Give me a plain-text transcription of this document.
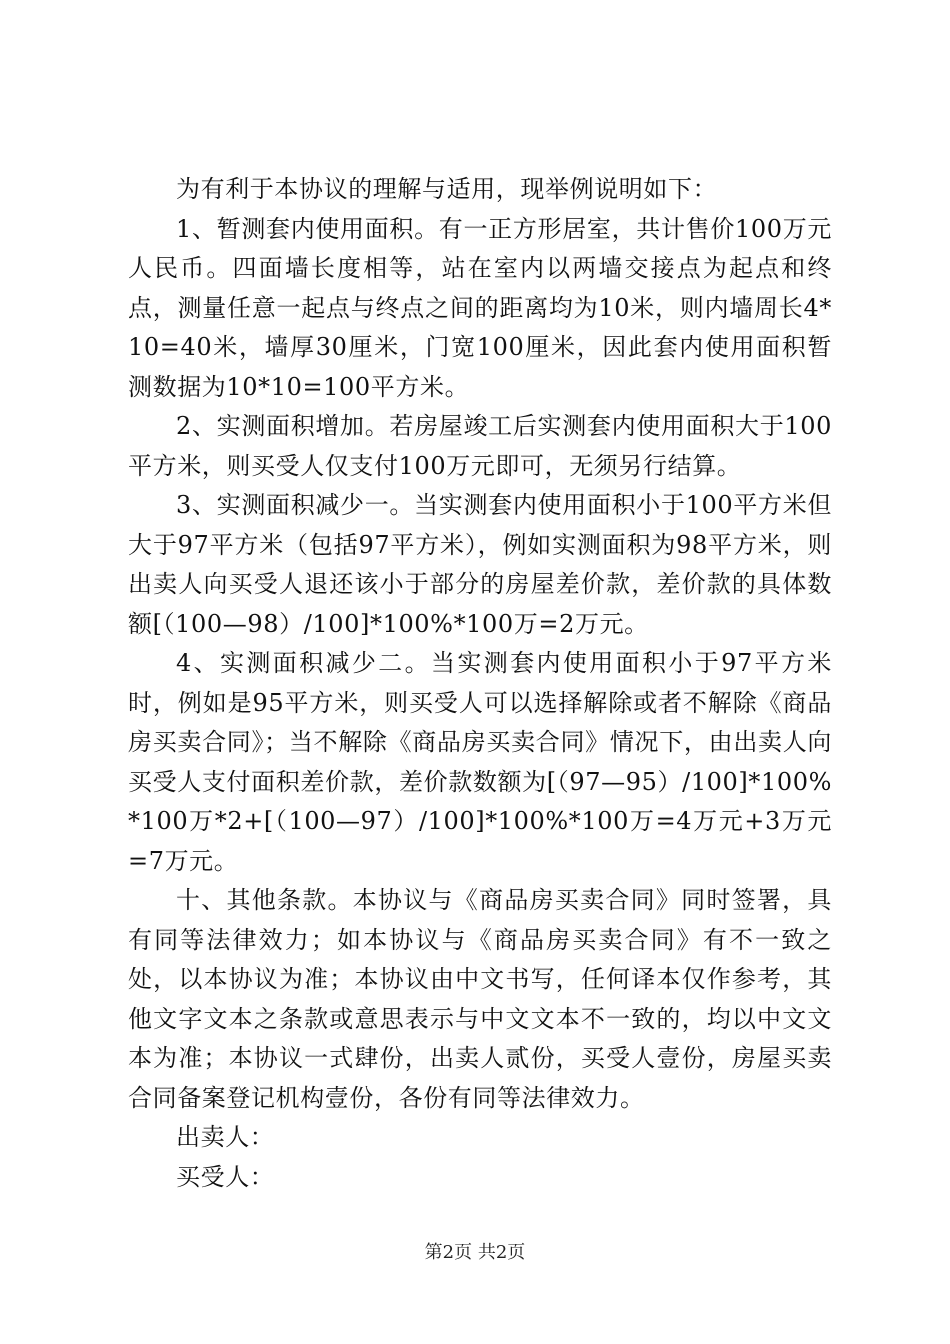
为有利于本协议的理解与适用，现举例说明如下：

1、暂测套内使用面积。有一正方形居室，共计售价100万元人民币。四面墙长度相等，站在室内以两墙交接点为起点和终点，测量任意一起点与终点之间的距离均为10米，则内墙周长4*10=40米，墙厚30厘米，门宽100厘米，因此套内使用面积暂测数据为10*10=100平方米。

2、实测面积增加。若房屋竣工后实测套内使用面积大于100平方米，则买受人仅支付100万元即可，无须另行结算。

3、实测面积减少一。当实测套内使用面积小于100平方米但大于97平方米（包括97平方米），例如实测面积为98平方米，则出卖人向买受人退还该小于部分的房屋差价款，差价款的具体数额[（100—98）/100]*100%*100万=2万元。

4、实测面积减少二。当实测套内使用面积小于97平方米时，例如是95平方米，则买受人可以选择解除或者不解除《商品房买卖合同》；当不解除《商品房买卖合同》情况下，由出卖人向买受人支付面积差价款，差价款数额为[（97—95）/100]*100%*100万*2+[（100—97）/100]*100%*100万=4万元+3万元=7万元。

十、其他条款。本协议与《商品房买卖合同》同时签署，具有同等法律效力；如本协议与《商品房买卖合同》有不一致之处，以本协议为准；本协议由中文书写，任何译本仅作参考，其他文字文本之条款或意思表示与中文文本不一致的，均以中文文本为准；本协议一式肆份，出卖人贰份，买受人壹份，房屋买卖合同备案登记机构壹份，各份有同等法律效力。

出卖人：

买受人：

第2页 共2页
